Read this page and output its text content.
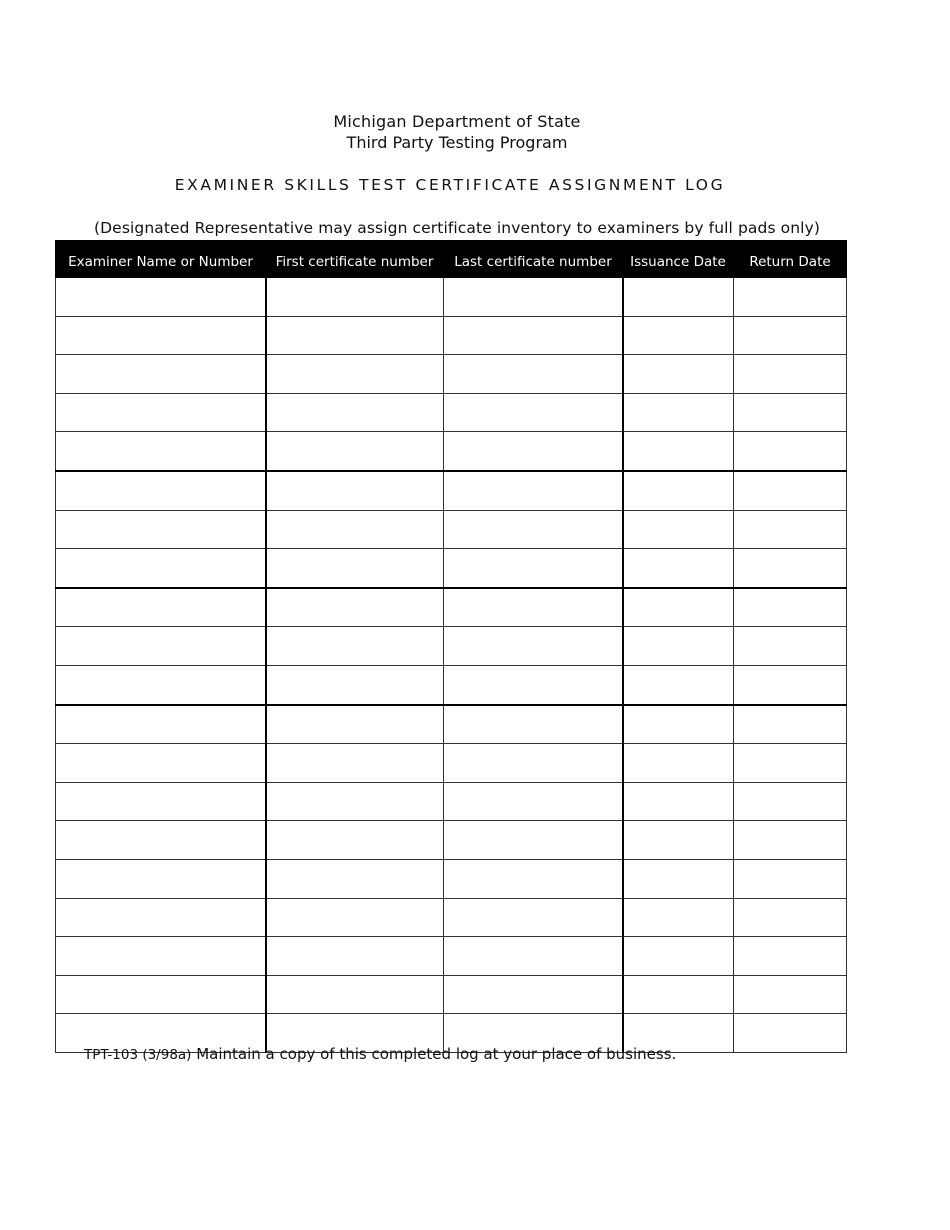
Michigan Department of State
Third Party Testing Program
EXAMINER SKILLS TEST CERTIFICATE ASSIGNMENT LOG
(Designated Representative may assign certificate inventory to examiners by full pads only)
Examiner Name or Number	First certificate number	Last certificate number	Issuance Date	Return Date

TPT-103 (3/98a) Maintain a copy of this completed log at your place of business.
